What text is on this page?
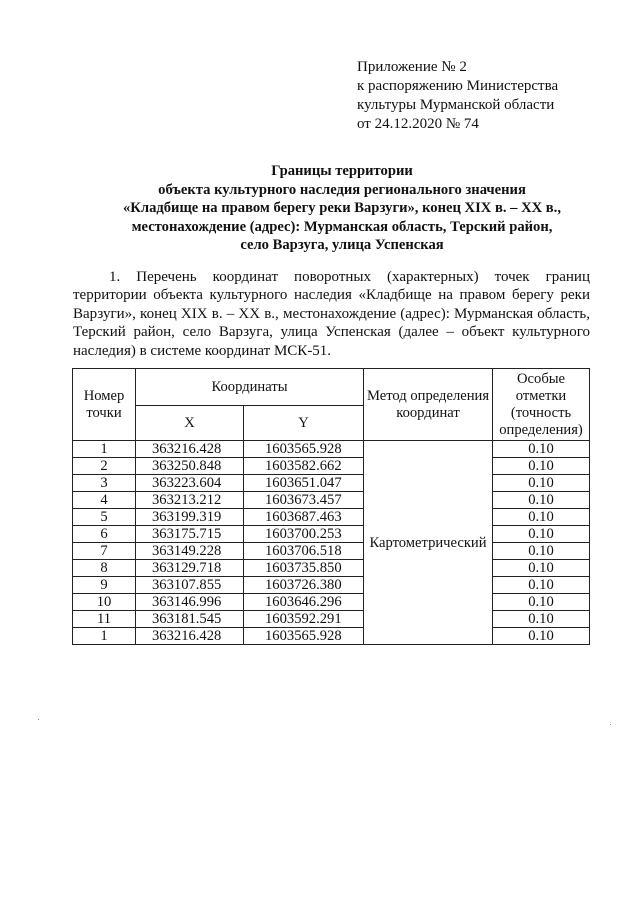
Приложение № 2
к распоряжению Министерства
культуры Мурманской области
от 24.12.2020 № 74
Границы территории
объекта культурного наследия регионального значения
«Кладбище на правом берегу реки Варзуги», конец XIX в. – XX в.,
местонахождение (адрес): Мурманская область, Терский район,
село Варзуга, улица Успенская
1. Перечень координат поворотных (характерных) точек границ территории объекта культурного наследия «Кладбище на правом берегу реки Варзуги», конец XIX в. – XX в., местонахождение (адрес): Мурманская область, Терский район, село Варзуга, улица Успенская (далее – объект культурного наследия) в системе координат МСК-51.
Номер точки	Координаты		Метод определения координат	Особые отметки (точность определения)
	X	Y		
1	363216.428	1603565.928	Картометрический	0.10
2	363250.848	1603582.662		0.10
3	363223.604	1603651.047		0.10
4	363213.212	1603673.457		0.10
5	363199.319	1603687.463		0.10
6	363175.715	1603700.253		0.10
7	363149.228	1603706.518		0.10
8	363129.718	1603735.850		0.10
9	363107.855	1603726.380		0.10
10	363146.996	1603646.296		0.10
11	363181.545	1603592.291		0.10
1	363216.428	1603565.928		0.10
